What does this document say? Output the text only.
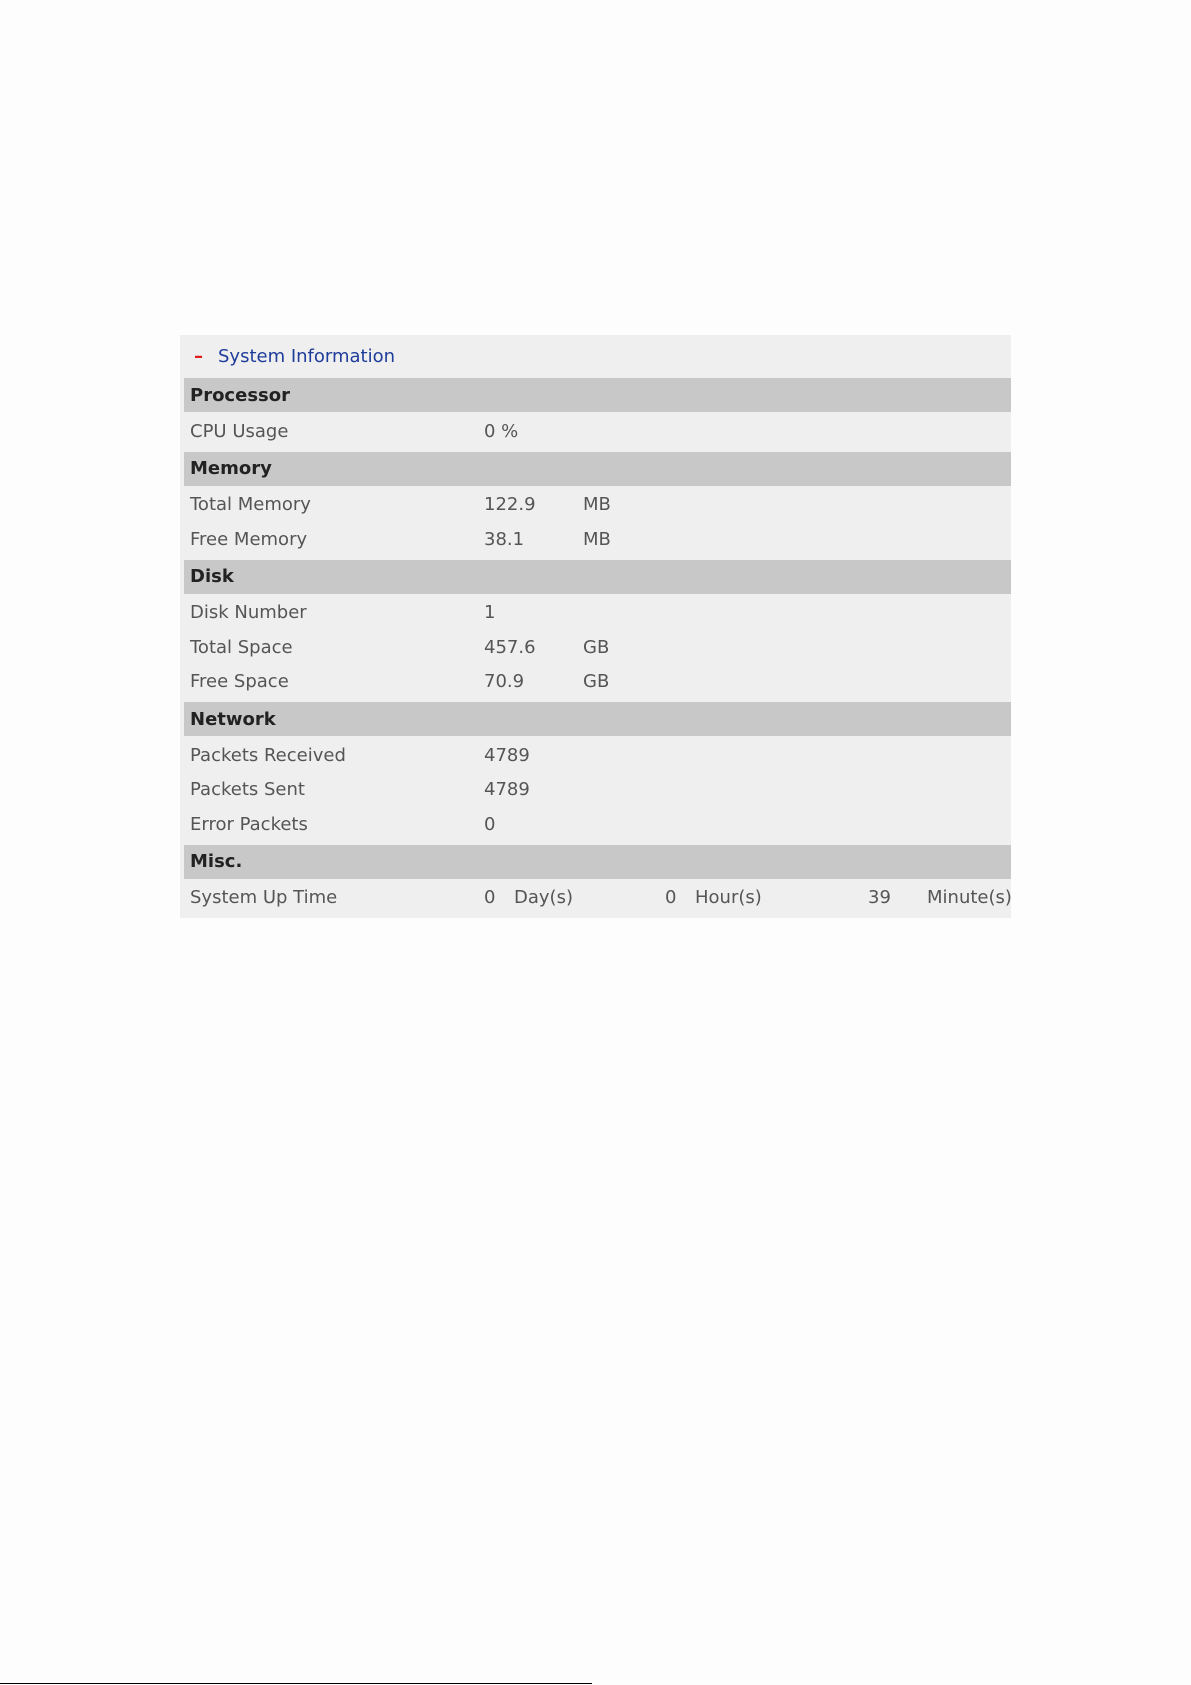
– System Information
Processor
CPU Usage	0 %
Memory
Total Memory	122.9	MB
Free Memory	38.1	MB
Disk
Disk Number	1
Total Space	457.6	GB
Free Space	70.9	GB
Network
Packets Received	4789
Packets Sent	4789
Error Packets	0
Misc.
System Up Time	0 Day(s)	0 Hour(s)	39 Minute(s)
